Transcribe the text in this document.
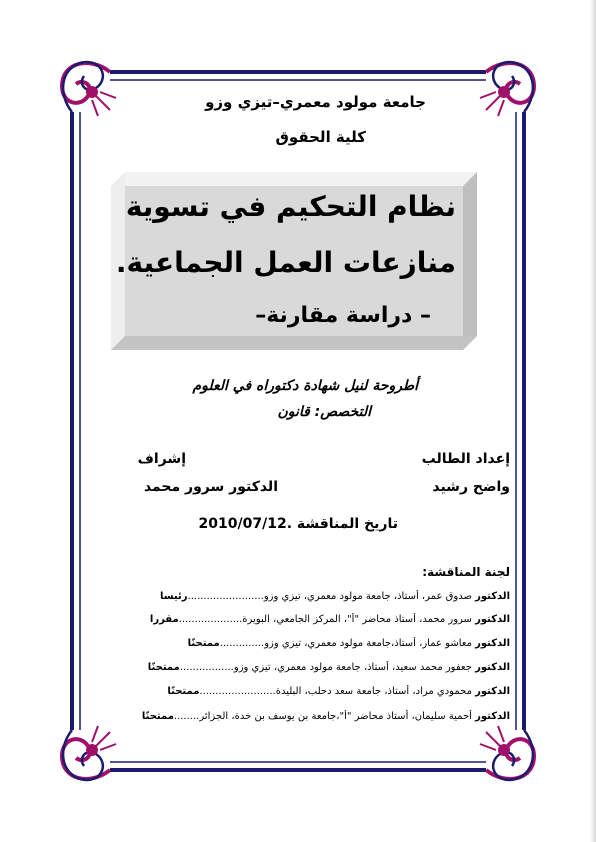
جامعة مولود معمري–تيزي وزو
كلية الحقوق
نظام التحكيم في تسوية
منازعات العمل الجماعية.
– دراسة مقارنة–
أطروحة لنيل شهادة دكتوراه في العلوم
التخصص: قانون
إعداد الطالب
إشراف
واضح رشيد
الدكتور سرور محمد
تاريخ المناقشة 2010/07/12.
لجنة المناقشة:
الدكتور صدوق عمر، أستاذ، جامعة مولود معمري، تيزي وزو........................رئيسا
الدكتور سرور محمد، أستاذ محاضر "أ"، المركز الجامعي، البويرة....................مقررا
الدكتور معاشو عمار، أستاذ،جامعة مولود معمري، تيزي وزو..............ممتحنًا
الدكتور جعفور محمد سعيد، أستاذ، جامعة مولود معمري، تيزي وزو.................ممتحنًا
الدكتور محمودي مراد، أستاذ، جامعة سعد دحلب، البليدة........................ممتحنًا
الدكتور أحمية سليمان، أستاذ محاضر "أ"،جامعة بن يوسف بن خدة، الجزائر........ممتحنًا
